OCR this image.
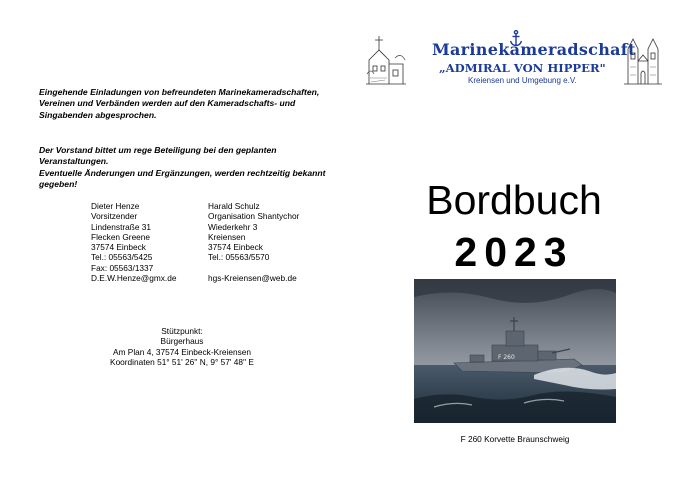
Eingehende Einladungen von befreundeten Marinekameradschaften,
Vereinen und Verbänden werden auf den Kameradschafts- und
Singabenden abgesprochen.
Der Vorstand bittet um rege Beteiligung bei den geplanten
Veranstaltungen.
Eventuelle Änderungen und Ergänzungen, werden rechtzeitig bekannt
gegeben!
Dieter Henze
Vorsitzender
Lindenstraße 31
Flecken Greene
37574 Einbeck
Tel.: 05563/5425
Fax: 05563/1337
D.E.W.Henze@gmx.de
Harald Schulz
Organisation Shantychor
Wiederkehr 3
Kreiensen
37574 Einbeck
Tel.: 05563/5570
hgs-Kreiensen@web.de
Stützpunkt:
Bürgerhaus
Am Plan 4, 37574 Einbeck-Kreiensen
Koordinaten 51° 51' 26'' N, 9° 57' 48'' E
Marinekameradschaft
„ADMIRAL VON HIPPER"
Kreiensen und Umgebung e.V.
Bordbuch
2023
F 260
F 260 Korvette Braunschweig
